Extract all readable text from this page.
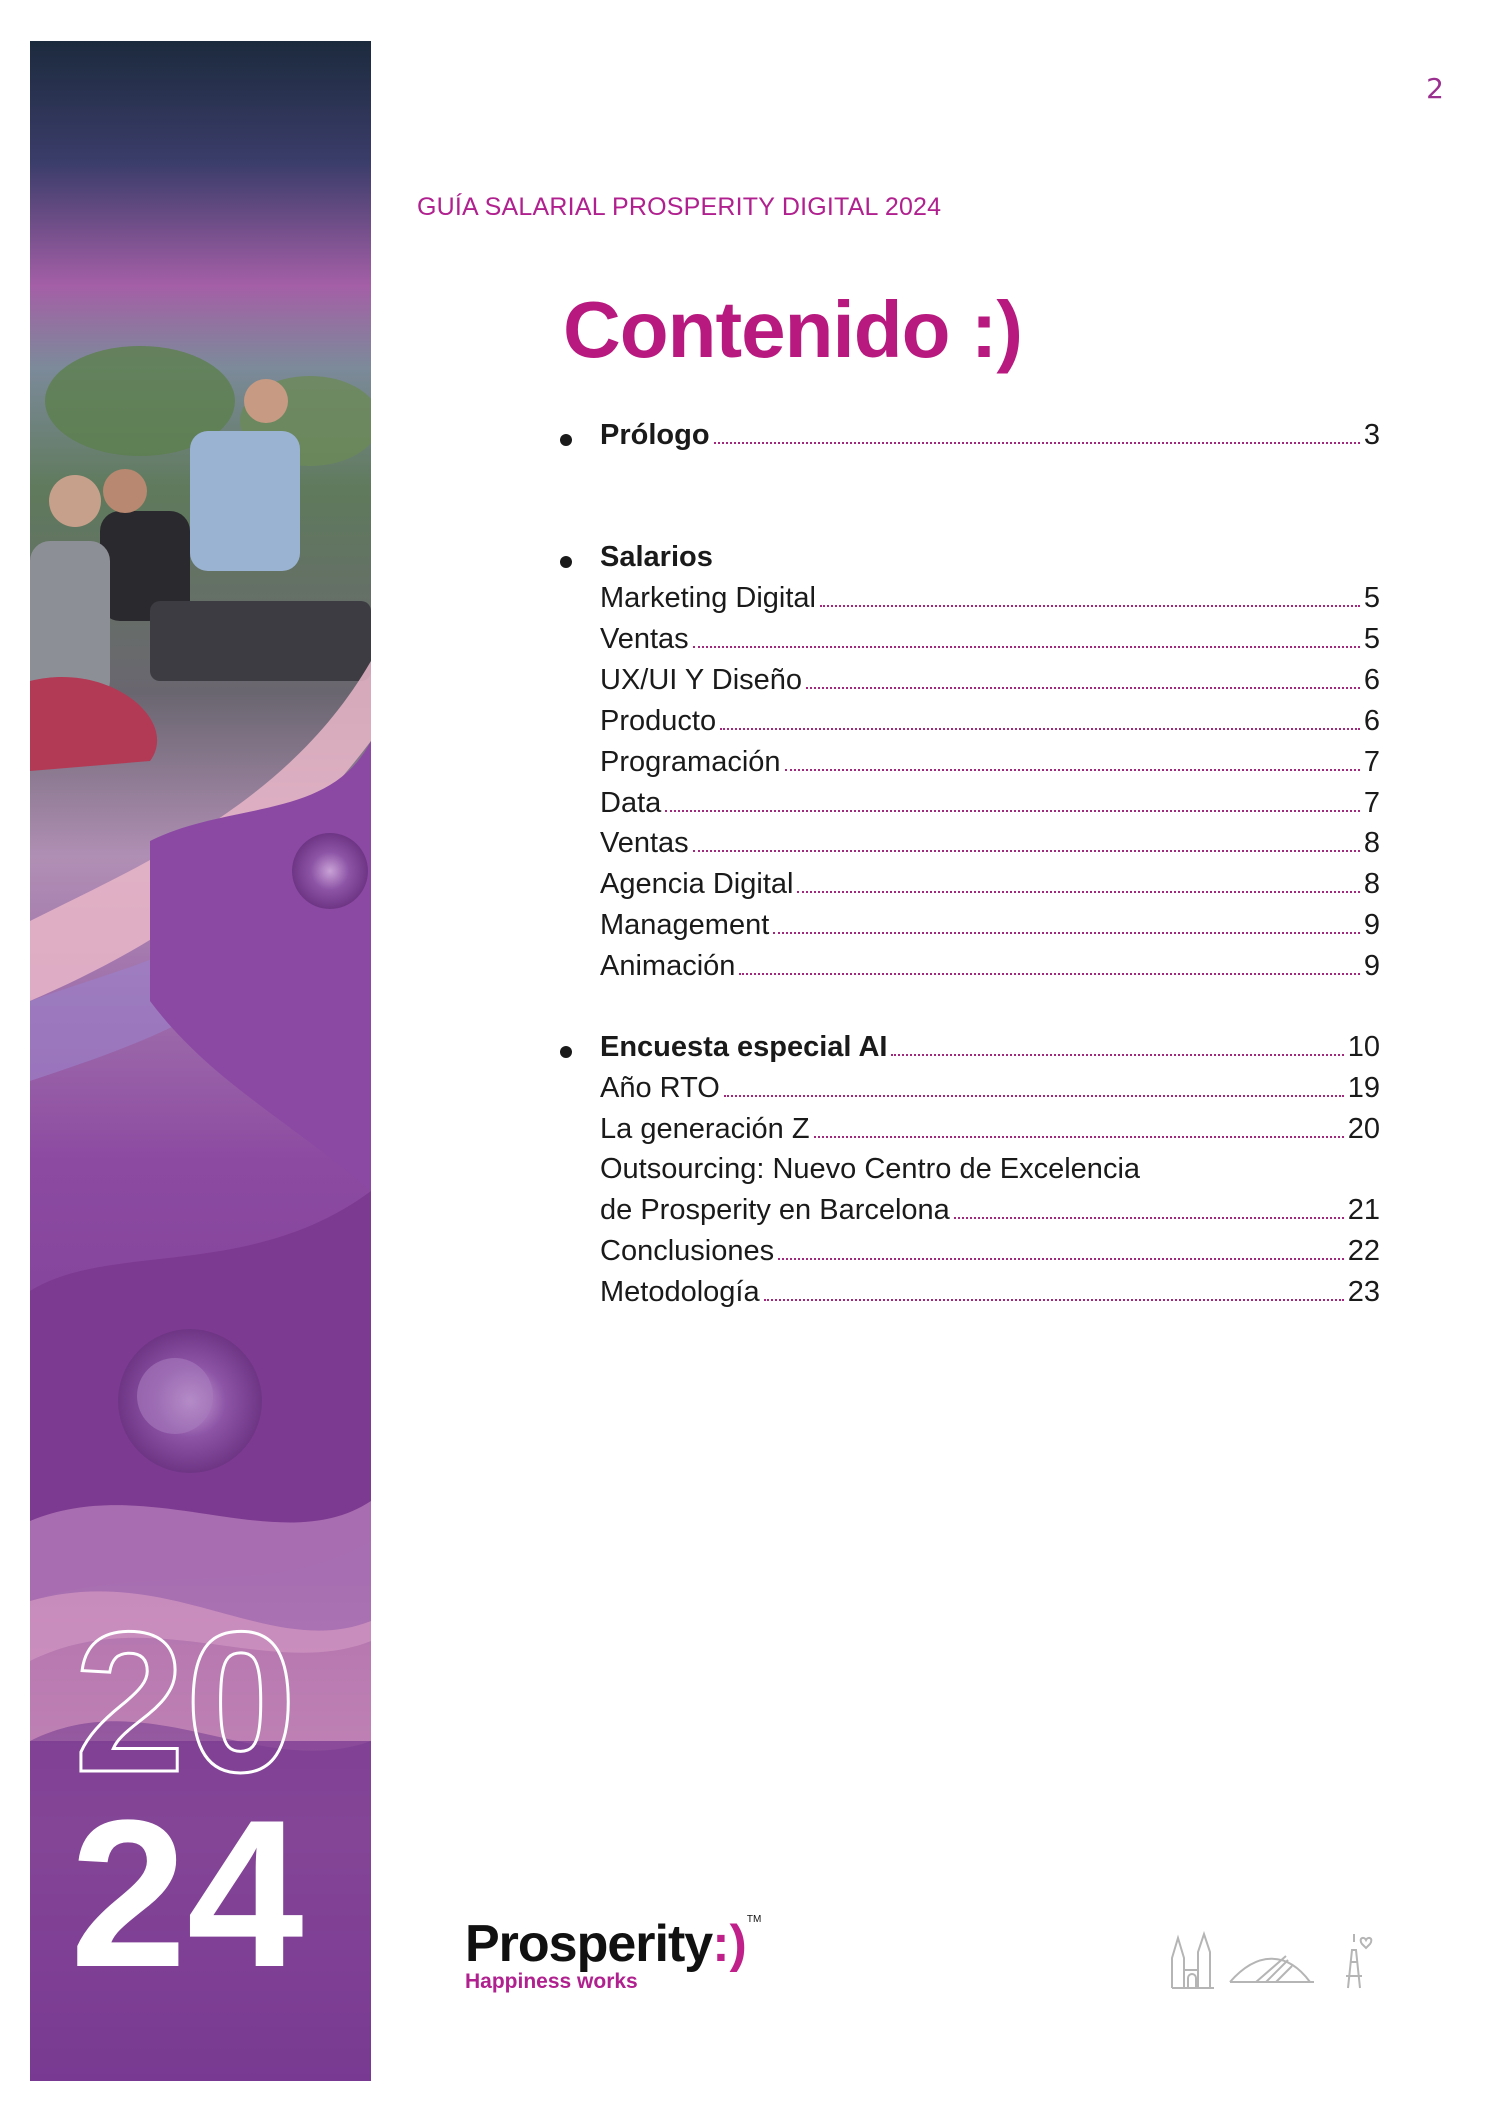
2
20
24
GUÍA SALARIAL PROSPERITY DIGITAL 2024
Contenido :)
Prólogo	3
Salarios
Marketing Digital	5
Ventas	5
UX/UI Y Diseño	6
Producto	6
Programación	7
Data	7
Ventas	8
Agencia Digital	8
Management	9
Animación	9
Encuesta especial AI	10
Año RTO	19
La generación Z	20
Outsourcing: Nuevo Centro de Excelencia
de Prosperity en Barcelona	21
Conclusiones	22
Metodología	23
Prosperity:)™
Happiness works
